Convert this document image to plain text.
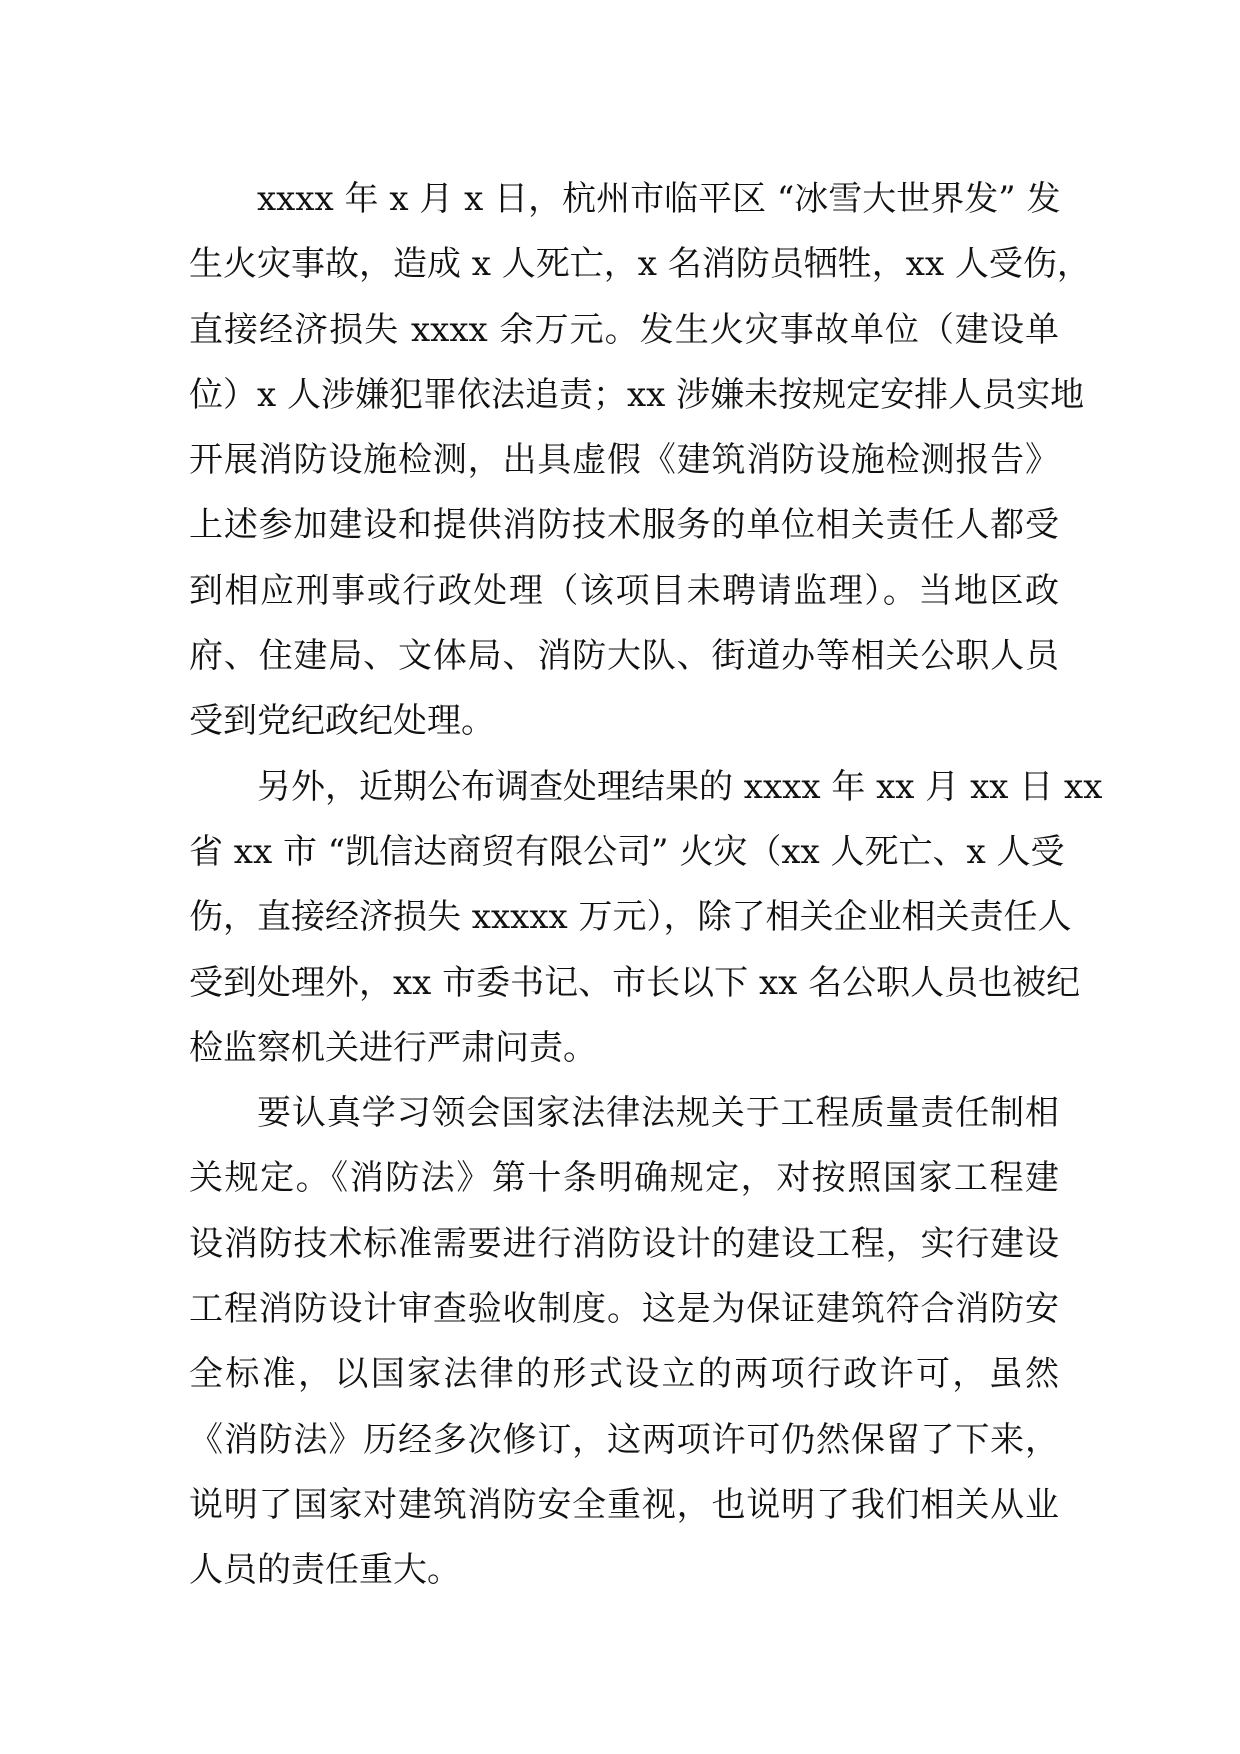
xxxx 年 x 月 x 日，杭州市临平区 “冰雪大世界发” 发
生火灾事故，造成 x 人死亡，x 名消防员牺牲，xx 人受伤，
直接经济损失 xxxx 余万元。发生火灾事故单位（建设单
位）x 人涉嫌犯罪依法追责；xx 涉嫌未按规定安排人员实地
开展消防设施检测，出具虚假《建筑消防设施检测报告》
上述参加建设和提供消防技术服务的单位相关责任人都受
到相应刑事或行政处理（该项目未聘请监理）。当地区政
府、住建局、文体局、消防大队、街道办等相关公职人员
受到党纪政纪处理。
另外，近期公布调查处理结果的 xxxx 年 xx 月 xx 日 xx
省 xx 市 “凯信达商贸有限公司” 火灾（xx 人死亡、x 人受
伤，直接经济损失 xxxxx 万元），除了相关企业相关责任人
受到处理外，xx 市委书记、市长以下 xx 名公职人员也被纪
检监察机关进行严肃问责。
要认真学习领会国家法律法规关于工程质量责任制相
关规定。《消防法》第十条明确规定，对按照国家工程建
设消防技术标准需要进行消防设计的建设工程，实行建设
工程消防设计审查验收制度。这是为保证建筑符合消防安
全标准，以国家法律的形式设立的两项行政许可，虽然
《消防法》历经多次修订，这两项许可仍然保留了下来，
说明了国家对建筑消防安全重视，也说明了我们相关从业
人员的责任重大。
